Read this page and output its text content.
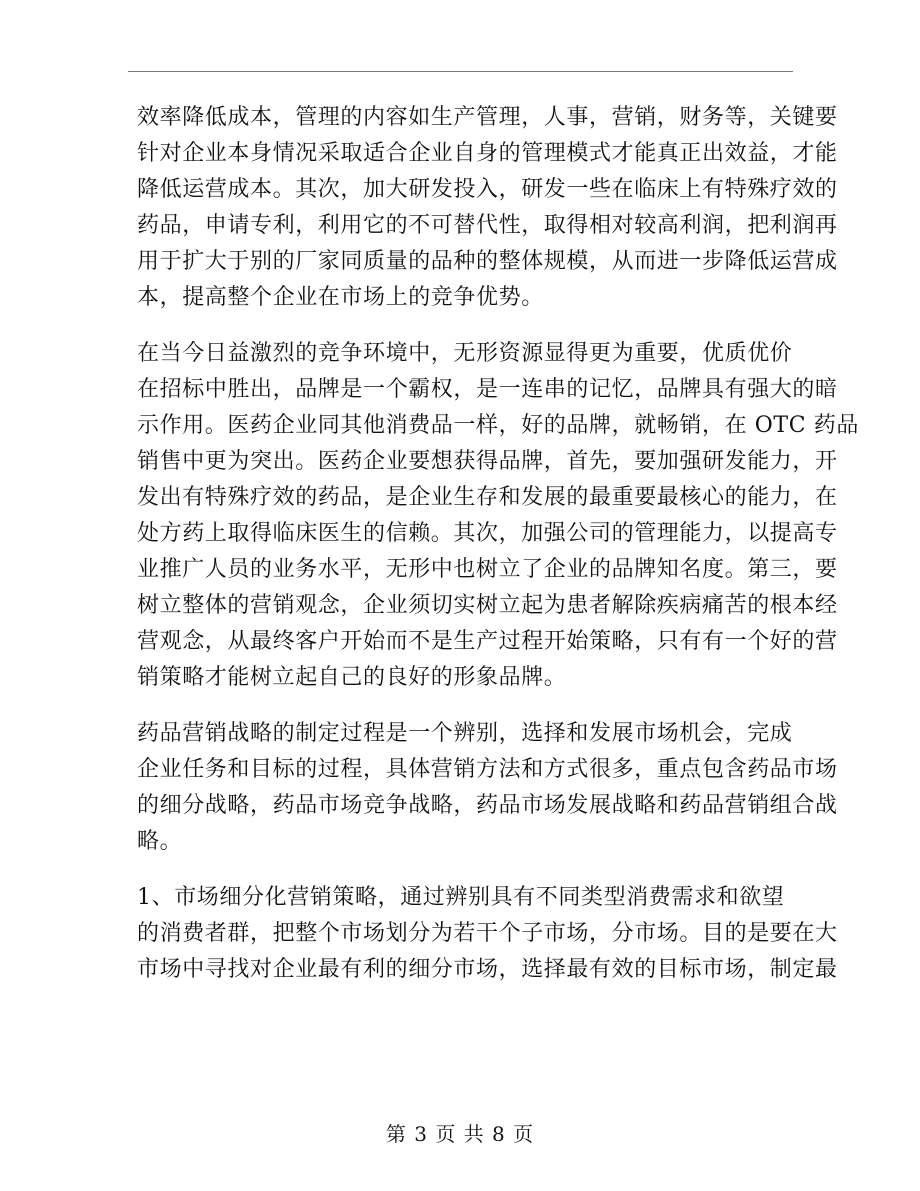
效率降低成本，管理的内容如生产管理，人事，营销，财务等，关键要
针对企业本身情况采取适合企业自身的管理模式才能真正出效益，才能
降低运营成本。其次，加大研发投入，研发一些在临床上有特殊疗效的
药品，申请专利，利用它的不可替代性，取得相对较高利润，把利润再
用于扩大于别的厂家同质量的品种的整体规模，从而进一步降低运营成
本，提高整个企业在市场上的竞争优势。
在当今日益激烈的竞争环境中，无形资源显得更为重要，优质优价
在招标中胜出，品牌是一个霸权，是一连串的记忆，品牌具有强大的暗
示作用。医药企业同其他消费品一样，好的品牌，就畅销，在 OTC 药品
销售中更为突出。医药企业要想获得品牌，首先，要加强研发能力，开
发出有特殊疗效的药品，是企业生存和发展的最重要最核心的能力，在
处方药上取得临床医生的信赖。其次，加强公司的管理能力，以提高专
业推广人员的业务水平，无形中也树立了企业的品牌知名度。第三，要
树立整体的营销观念，企业须切实树立起为患者解除疾病痛苦的根本经
营观念，从最终客户开始而不是生产过程开始策略，只有有一个好的营
销策略才能树立起自己的良好的形象品牌。
药品营销战略的制定过程是一个辨别，选择和发展市场机会，完成
企业任务和目标的过程，具体营销方法和方式很多，重点包含药品市场
的细分战略，药品市场竞争战略，药品市场发展战略和药品营销组合战
略。
1、市场细分化营销策略，通过辨别具有不同类型消费需求和欲望
的消费者群，把整个市场划分为若干个子市场，分市场。目的是要在大
市场中寻找对企业最有利的细分市场，选择最有效的目标市场，制定最
第 3 页 共 8 页
